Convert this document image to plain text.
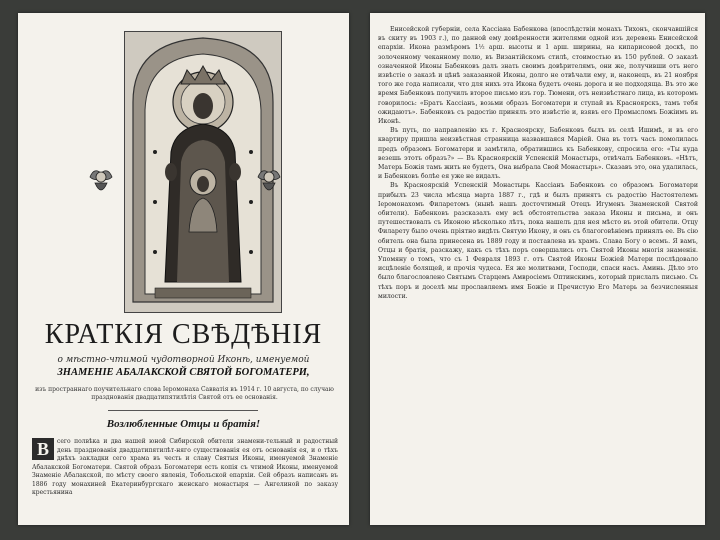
КРАТКІЯ СВѢДѢНІЯ
о мѣстно-чтимой чудотворной Иконѣ, именуемой
ЗНАМЕНІЕ АБАЛАКСКОЙ СВЯТОЙ БОГОМАТЕРИ,
изъ пространнаго поучительнаго слова Іеромонаха Савватія въ 1914 г. 10 августа, по случаю празднованія двадцатипятилѣтія Святой отъ ее основанія.
Возлюбленные Отцы и братія!
В	сего полвѣка и два нашей юной Сибирской обители знамени-тельный и радостный день празднованія двадцатипятилѣт-няго существованія ея отъ основанія ея, и о тѣхъ днѣхъ закладки сего храма въ честь и славу Святыя Иконы, именуемой Знаменіе Абалакской Богоматери. Святой образъ Богоматери есть копія съ чтимой Иконы, именуемой Знаменіе Абалакской, по мѣсту своего явленія, Тобольской епархіи. Сей образъ написанъ въ 1886 году монахиней Екатеринбургскаго женскаго монастыря — Ангелиной по заказу крестьянина

Енисейской губерніи, села Кассіана Бабенкова (впослѣдствіи монахъ Тихонъ, скончавшійся въ скиту въ 1903 г.), по данной ему довѣренности жителями одной изъ деревень Енисейской епархіи. Икона размѣромъ 1½ арш. высоты и 1 арш. ширины, на кипарисовой доскѣ, по золоченному чеканному полю, въ Византійскомъ стилѣ, стоимостью въ 150 рублей. О заказѣ означенной Иконы Бабенковъ далъ знать своимъ довѣрителямъ, они же, получивши отъ него извѣстіе о заказѣ и цѣнѣ заказанной Иконы, долго не отвѣчали ему, и, наконецъ, въ 21 ноября того же года написали, что для нихъ эта Икона будетъ очень дорога и не подходяща. Въ это же время Бабенковъ получилъ второе письмо изъ гор. Тюмени, отъ неизвѣстнаго лица, въ которомъ говорилось: «Братъ Кассіанъ, возьми образъ Богоматери и ступай въ Красноярскъ, тамъ тебя ожидаютъ». Бабенковъ съ радостію принялъ это извѣстіе и, взявъ его Промысломъ Божіимъ въ Иконѣ.

Въ путь, по направленію къ г. Красноярску, Бабенковъ былъ въ селѣ Ишимѣ, и въ его квартиру пришла неизвѣстная странница назвавшаяся Маріей. Она въ тотъ часъ помолилась предъ образомъ Богоматери и замѣтила, обратившись къ Бабенкову, спросила его: «Ты куда везешь этотъ образъ?» — Въ Красноярскій Успенскій Монастырь, отвѣчалъ Бабенковъ. «Нѣтъ, Матерь Божія тамъ жить не будетъ, Она выбрала Свой Монастырь». Сказавъ это, она удалилась, и Бабенковъ болѣе ея уже не видалъ.

Въ Красноярскій Успенскій Монастырь Кассіанъ Бабенковъ со образомъ Богоматери прибылъ 23 числа мѣсяца марта 1887 г., гдѣ и былъ принятъ съ радостію Настоятелемъ Іеромонахомъ Филаретомъ (нынѣ нашъ досточтимый Отецъ Игуменъ Знаменской Святой обители). Бабенковъ разсказалъ ему всѣ обстоятельства заказа Иконы и письма, и онъ путешествовалъ съ Иконою нѣсколько лѣтъ, пока нашелъ для нея мѣсто въ этой обители. Отцу Филарету было очень пріятно видѣть Святую Икону, и онъ съ благоговѣніемъ принялъ ее. Въ сію обитель она была принесена въ 1889 году и поставлена въ храмъ. Слава Богу о всемъ. Я вамъ, Отцы и братія, разскажу, какъ съ тѣхъ поръ совершались отъ Святой Иконы многія знаменія. Упомяну о томъ, что съ 1 Февраля 1893 г. отъ Святой Иконы Божіей Матери послѣдовало исцѣленіе болящей, и прочія чудеса. Ея же молитвами, Господи, спаси насъ. Аминь. Дѣло это было благословлено Святымъ Старцемъ Амвросіемъ Оптинскимъ, который прислалъ письмо. Съ тѣхъ поръ и доселѣ мы прославляемъ имя Божіе и Пречистую Его Матерь за безчисленныя милости.
